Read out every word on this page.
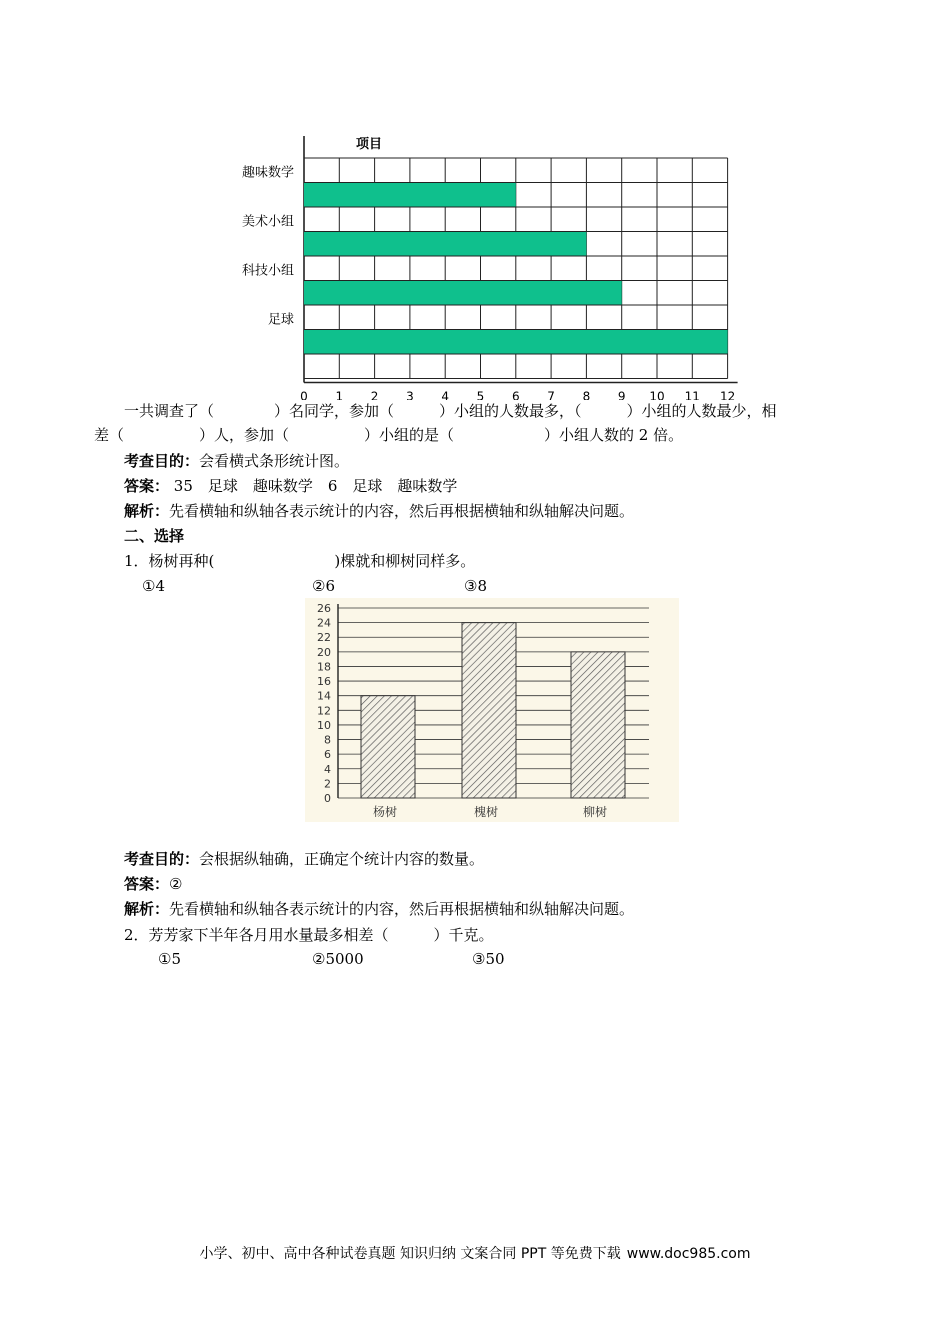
项目
趣味数学
美术小组
科技小组
足球
0 1 2 3 4 5 6 7 8 9 10 11 12
一共调查了（　　　　）名同学，参加（　　　）小组的人数最多，（　　　）小组的人数最少，相
差（　　　　　）人，参加（　　　　　）小组的是（　　　　　　）小组人数的 2 倍。
考查目的：会看横式条形统计图。
答案： 35　足球　趣味数学　6　足球　趣味数学
解析：先看横轴和纵轴各表示统计的内容，然后再根据横轴和纵轴解决问题。
二、选择
1．杨树再种(　　　　　　　　)棵就和柳树同样多。
①4	②6	③8
0
2
4
6
8
10
12
14
16
18
20
22
24
26
杨树	槐树	柳树
考查目的：会根据纵轴确，正确定个统计内容的数量。
答案：②
解析：先看横轴和纵轴各表示统计的内容，然后再根据横轴和纵轴解决问题。
2．芳芳家下半年各月用水量最多相差（　　　）千克。
①5	②5000	③50
小学、初中、高中各种试卷真题 知识归纳 文案合同 PPT 等免费下载 www.doc985.com
